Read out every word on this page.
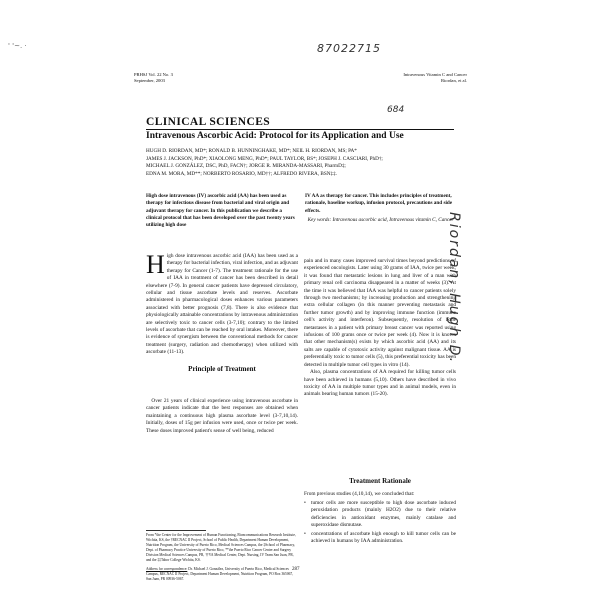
' '~. ·	87022715
PRHSJ Vol. 22 No. 3
September, 2003
Intravenous Vitamin C and Cancer
Riordan, et al.
CLINICAL SCIENCES
684
Intravenous Ascorbic Acid: Protocol for its Application and Use
HUGH D. RIORDAN, MD*; RONALD B. HUNNINGHAKE, MD*; NEIL H. RIORDAN, MS; PA*
JAMES J. JACKSON, PhD*; XIAOLONG MENG, PhD*; PAUL TAYLOR, BS*; JOSEPH J. CASCIARI, PhD†;
MICHAEL J. GONZÁLEZ, DSC, PhD, FACN†; JORGE R. MIRANDA-MASSARI, PharmD‡;
EDNA M. MORA, MD**; NORBERTO ROSARIO, MD††; ALFREDO RIVERA, BSN‡‡.
High dose intravenous (IV) ascorbic acid (AA) has been used as therapy for infectious disease from bacterial and viral origin and adjuvant therapy for cancer. In this publication we describe a clinical protocol that has been developed over the past twenty years utilizing high dose
IV AA as therapy for cancer. This includes principles of treatment, rationale, baseline workup, infusion protocol, precautions and side effects.
Key words: Intravenous ascorbic acid, Intravenous vitamin C, Cancer
High dose intravenous ascorbic acid (IAA) has been used as a therapy for bacterial infection, viral infection, and as adjuvant therapy for Cancer (1-7). The treatment rationale for the use of IAA in treatment of cancer has been described in detail elsewhere (7-9). In general cancer patients have depressed circulatory, cellular and tissue ascorbate levels and reserves. Ascorbate administered in pharmacological doses enhances various parameters associated with better prognosis (7,8). There is also evidence that physiologically attainable concentrations by intravenous administration are selectively toxic to cancer cells (3-7,10); contrary to the limited levels of ascorbate that can be reached by oral intakes. Moreover, there is evidence of synergism between the conventional methods for cancer treatment (surgery, radiation and chemotherapy) when utilized with ascorbate (11-13).
Principle of Treatment
Over 21 years of clinical experience using intravenous ascorbate in cancer patients indicate that the best responses are obtained when maintaining a continuous high plasma ascorbate level (3-7,10,14). Initially, doses of 15g per infusion were used, once or twice per week. These doses improved patient's sense of well being, reduced
pain and in many cases improved survival times beyond predictions of experienced oncologists. Later using 30 grams of IAA, twice per week, it was found that metastatic lesions in lung and liver of a man with primary renal cell carcinoma disappeared in a matter of weeks (3). At the time it was believed that IAA was helpful to cancer patients solely through two mechanisms; by increasing production and strengthening extra cellular collagen (in this manner preventing metastasis and further tumor growth) and by improving immune function (immune cell's activity and interferon). Subsequently, resolution of bone metastases in a patient with primary breast cancer was reported using infusions of 100 grams once or twice per week (4). Now it is known that other mechanism(s) exists by which ascorbic acid (AA) and its salts are capable of cytotoxic activity against malignant tissue. AA is preferentially toxic to tumor cells (5), this preferential toxicity has been detected in multiple tumor cell types in vitro (14).
Also, plasma concentrations of AA required for killing tumor cells have been achieved in humans (5,10). Others have described in vivo toxicity of AA in multiple tumor types and in animal models, even in animals bearing human tumors (15-20).
Treatment Rationale
From previous studies (4,10,14), we concluded that:
• tumor cells are more susceptible to high dose ascorbate induced peroxidation products (mainly H2O2) due to their relative deficiencies in antioxidant enzymes, mainly catalase and superoxidase dismutase.
• concentrations of ascorbate high enough to kill tumor cells can be achieved in humans by IAA administration.
From *the Center for the Improvement of Human Functioning, Bioncommunications Research Institute, Wichita, KS, the †RECNAC II Project, School of Public Health, Department Human Development, Nutrition Program, the University of Puerto Rico, Medical Sciences Campus, the ‡School of Pharmacy, Dept. of Pharmacy Practice University of Puerto Rico, **the Puerto Rico Cancer Center and Surgery Division Medical Sciences Campus, PR, ††VA Medical Center, Dept. Nursing, IV Team San Juan, PR, and the ‡‡Tabor College Wichita, KS.
Address for correspondence: Dr. Michael J. González, University of Puerto Rico, Medical Sciences Campus, RECNAC II Project, Department Human Development, Nutrition Program, PO Box 365067, San Juan, PR 00936-5067.
287
Riordan, Hugh D.
